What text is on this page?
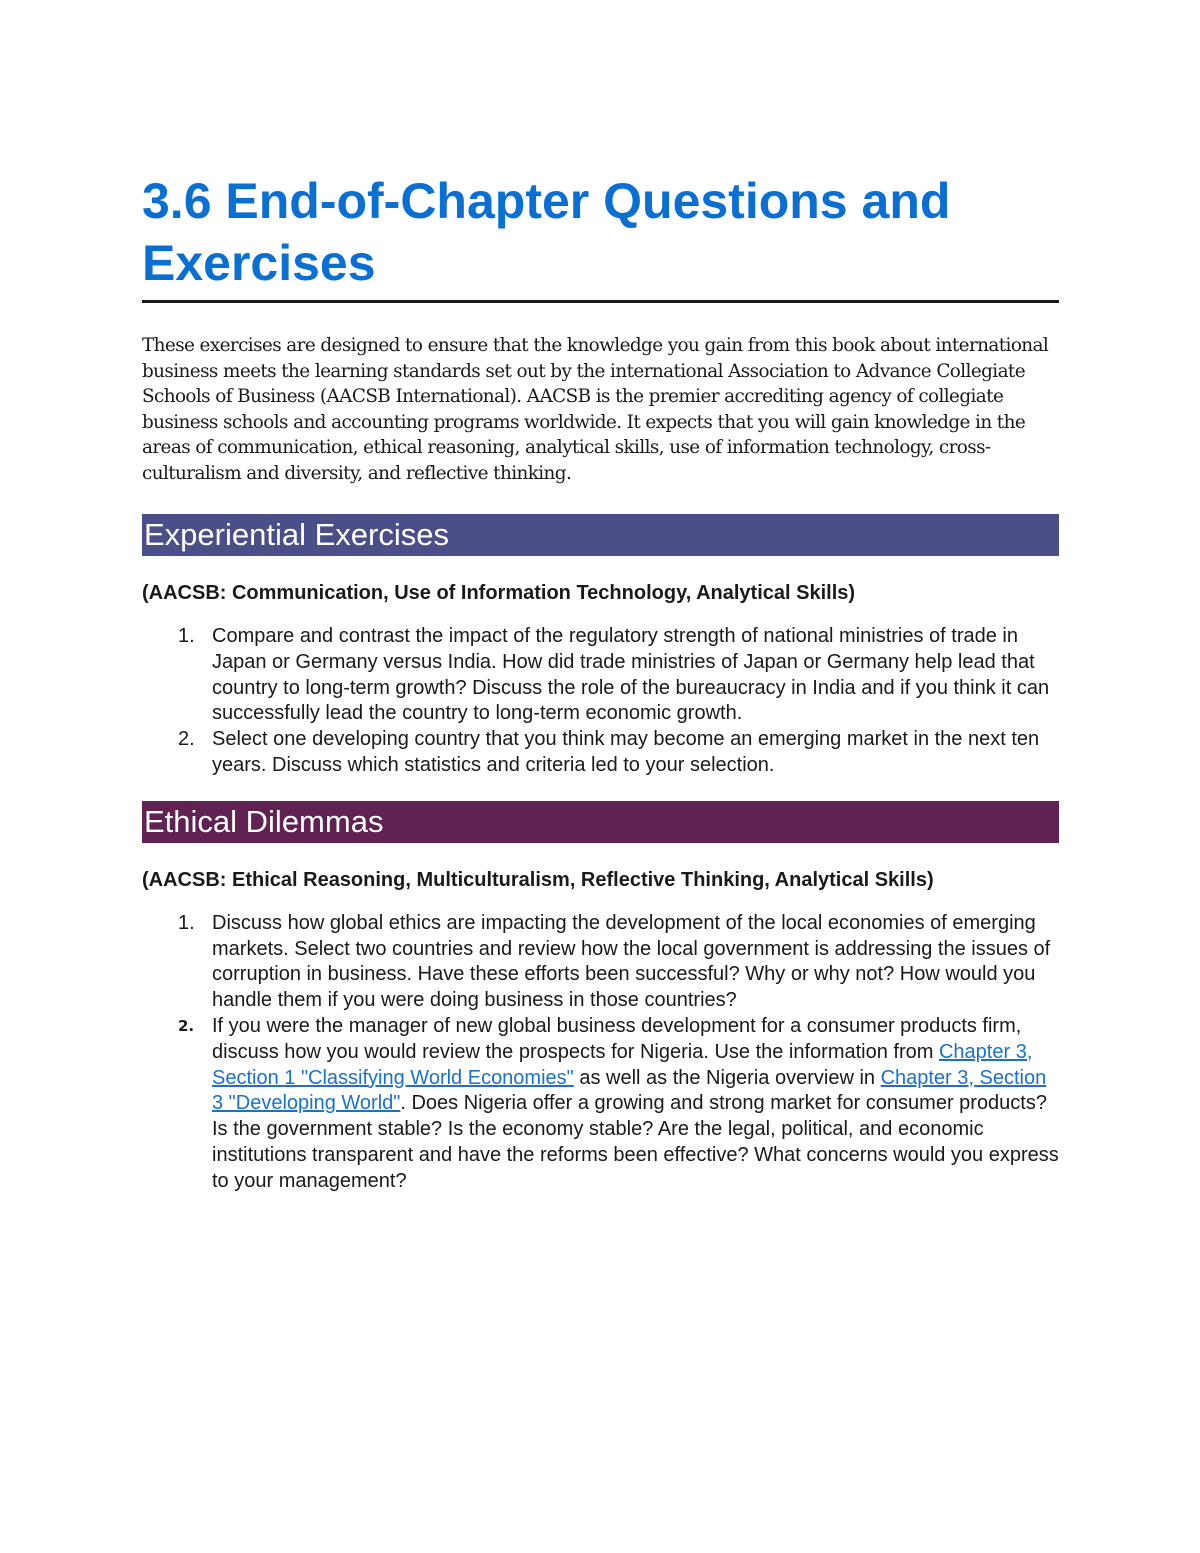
3.6 End-of-Chapter Questions and Exercises

These exercises are designed to ensure that the knowledge you gain from this book about international business meets the learning standards set out by the international Association to Advance Collegiate Schools of Business (AACSB International). AACSB is the premier accrediting agency of collegiate business schools and accounting programs worldwide. It expects that you will gain knowledge in the areas of communication, ethical reasoning, analytical skills, use of information technology, cross-culturalism and diversity, and reflective thinking.

Experiential Exercises

(AACSB: Communication, Use of Information Technology, Analytical Skills)

1. Compare and contrast the impact of the regulatory strength of national ministries of trade in Japan or Germany versus India. How did trade ministries of Japan or Germany help lead that country to long-term growth? Discuss the role of the bureaucracy in India and if you think it can successfully lead the country to long-term economic growth.
2. Select one developing country that you think may become an emerging market in the next ten years. Discuss which statistics and criteria led to your selection.
Ethical Dilemmas

(AACSB: Ethical Reasoning, Multiculturalism, Reflective Thinking, Analytical Skills)

1. Discuss how global ethics are impacting the development of the local economies of emerging markets. Select two countries and review how the local government is addressing the issues of corruption in business. Have these efforts been successful? Why or why not? How would you handle them if you were doing business in those countries?
2. If you were the manager of new global business development for a consumer products firm, discuss how you would review the prospects for Nigeria. Use the information from Chapter 3, Section 1 "Classifying World Economies" as well as the Nigeria overview in Chapter 3, Section 3 "Developing World". Does Nigeria offer a growing and strong market for consumer products? Is the government stable? Is the economy stable? Are the legal, political, and economic institutions transparent and have the reforms been effective? What concerns would you express to your management?
